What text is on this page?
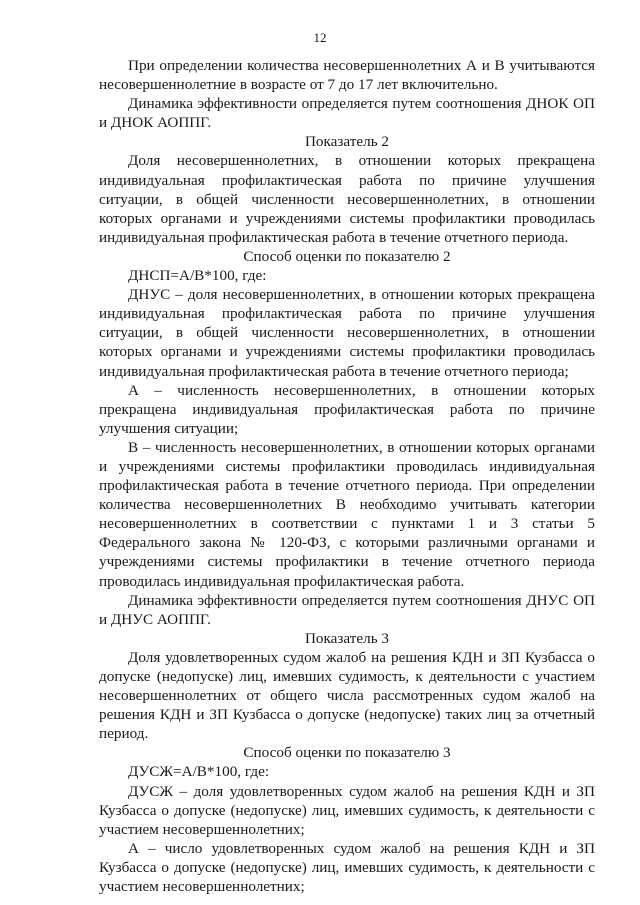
12

При определении количества несовершеннолетних А и В учитываются несовершеннолетние в возрасте от 7 до 17 лет включительно.

Динамика эффективности определяется путем соотношения ДНОК ОП и ДНОК АОППГ.

Показатель 2

Доля несовершеннолетних, в отношении которых прекращена индивидуальная профилактическая работа по причине улучшения ситуации, в общей численности несовершеннолетних, в отношении которых органами и учреждениями системы профилактики проводилась индивидуальная профилактическая работа в течение отчетного периода.

Способ оценки по показателю 2

ДНСП=А/В*100, где:

ДНУС – доля несовершеннолетних, в отношении которых прекращена индивидуальная профилактическая работа по причине улучшения ситуации, в общей численности несовершеннолетних, в отношении которых органами и учреждениями системы профилактики проводилась индивидуальная профилактическая работа в течение отчетного периода;

А – численность несовершеннолетних, в отношении которых прекращена индивидуальная профилактическая работа по причине улучшения ситуации;

В – численность несовершеннолетних, в отношении которых органами и учреждениями системы профилактики проводилась индивидуальная профилактическая работа в течение отчетного периода. При определении количества несовершеннолетних В необходимо учитывать категории несовершеннолетних в соответствии с пунктами 1 и 3 статьи 5 Федерального закона № 120-ФЗ, с которыми различными органами и учреждениями системы профилактики в течение отчетного периода проводилась индивидуальная профилактическая работа.

Динамика эффективности определяется путем соотношения ДНУС ОП и ДНУС АОППГ.

Показатель 3

Доля удовлетворенных судом жалоб на решения КДН и ЗП Кузбасса о допуске (недопуске) лиц, имевших судимость, к деятельности с участием несовершеннолетних от общего числа рассмотренных судом жалоб на решения КДН и ЗП Кузбасса о допуске (недопуске) таких лиц за отчетный период.

Способ оценки по показателю 3

ДУСЖ=А/В*100, где:

ДУСЖ – доля удовлетворенных судом жалоб на решения КДН и ЗП Кузбасса о допуске (недопуске) лиц, имевших судимость, к деятельности с участием несовершеннолетних;

А – число удовлетворенных судом жалоб на решения КДН и ЗП Кузбасса о допуске (недопуске) лиц, имевших судимость, к деятельности с участием несовершеннолетних;
